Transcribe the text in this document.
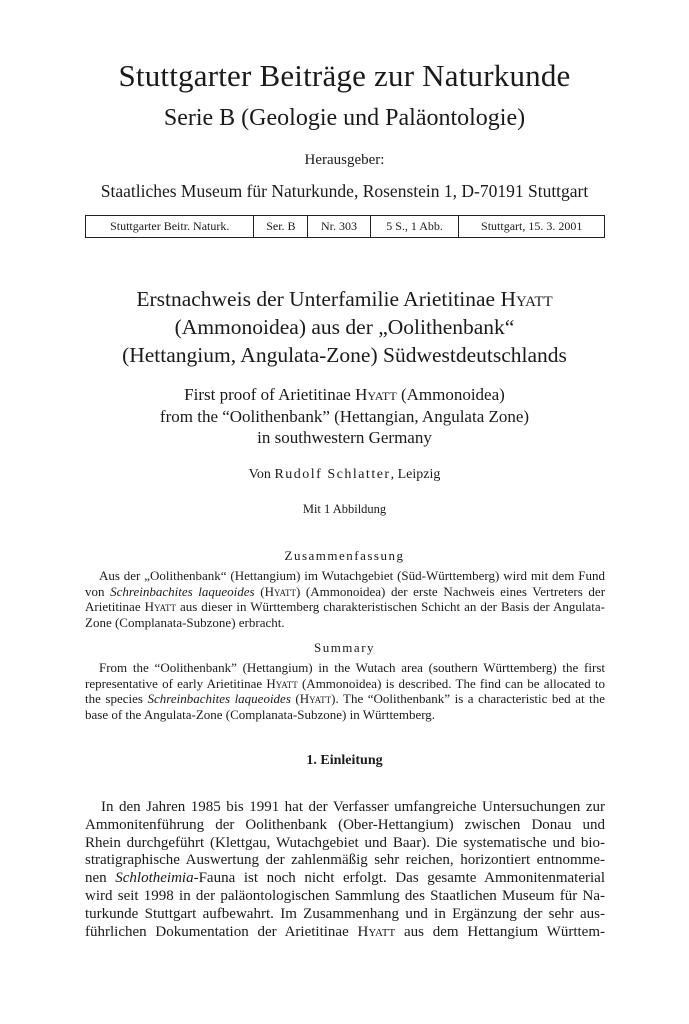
Stuttgarter Beiträge zur Naturkunde
Serie B (Geologie und Paläontologie)
Herausgeber:
Staatliches Museum für Naturkunde, Rosenstein 1, D-70191 Stuttgart
Stuttgarter Beitr. Naturk.	Ser. B	Nr. 303	5 S., 1 Abb.	Stuttgart, 15. 3. 2001
Erstnachweis der Unterfamilie Arietitinae Hyatt
(Ammonoidea) aus der „Oolithenbank“
(Hettangium, Angulata-Zone) Südwestdeutschlands
First proof of Arietitinae Hyatt (Ammonoidea)
from the “Oolithenbank” (Hettangian, Angulata Zone)
in southwestern Germany
Von Rudolf Schlatter, Leipzig
Mit 1 Abbildung
Zusammenfassung

Aus der „Oolithenbank“ (Hettangium) im Wutachgebiet (Süd-Württemberg) wird mit dem Fund von Schreinbachites laqueoides (Hyatt) (Ammonoidea) der erste Nachweis eines Vertreters der Arietitinae Hyatt aus dieser in Württemberg charakteristischen Schicht an der Basis der Angulata-Zone (Complanata-Subzone) erbracht.

Summary

From the “Oolithenbank” (Hettangium) in the Wutach area (southern Württemberg) the first representative of early Arietitinae Hyatt (Ammonoidea) is described. The find can be allocated to the species Schreinbachites laqueoides (Hyatt). The “Oolithenbank” is a characteristic bed at the base of the Angulata-Zone (Complanata-Subzone) in Württemberg.

1. Einleitung
In den Jahren 1985 bis 1991 hat der Verfasser umfangreiche Untersuchungen zur
Ammonitenführung der Oolithenbank (Ober-Hettangium) zwischen Donau und
Rhein durchgeführt (Klettgau, Wutachgebiet und Baar). Die systematische und bio-
stratigraphische Auswertung der zahlenmäßig sehr reichen, horizontiert entnomme-
nen Schlotheimia-Fauna ist noch nicht erfolgt. Das gesamte Ammonitenmaterial
wird seit 1998 in der paläontologischen Sammlung des Staatlichen Museum für Na-
turkunde Stuttgart aufbewahrt. Im Zusammenhang und in Ergänzung der sehr aus-
führlichen Dokumentation der Arietitinae Hyatt aus dem Hettangium Württem-
